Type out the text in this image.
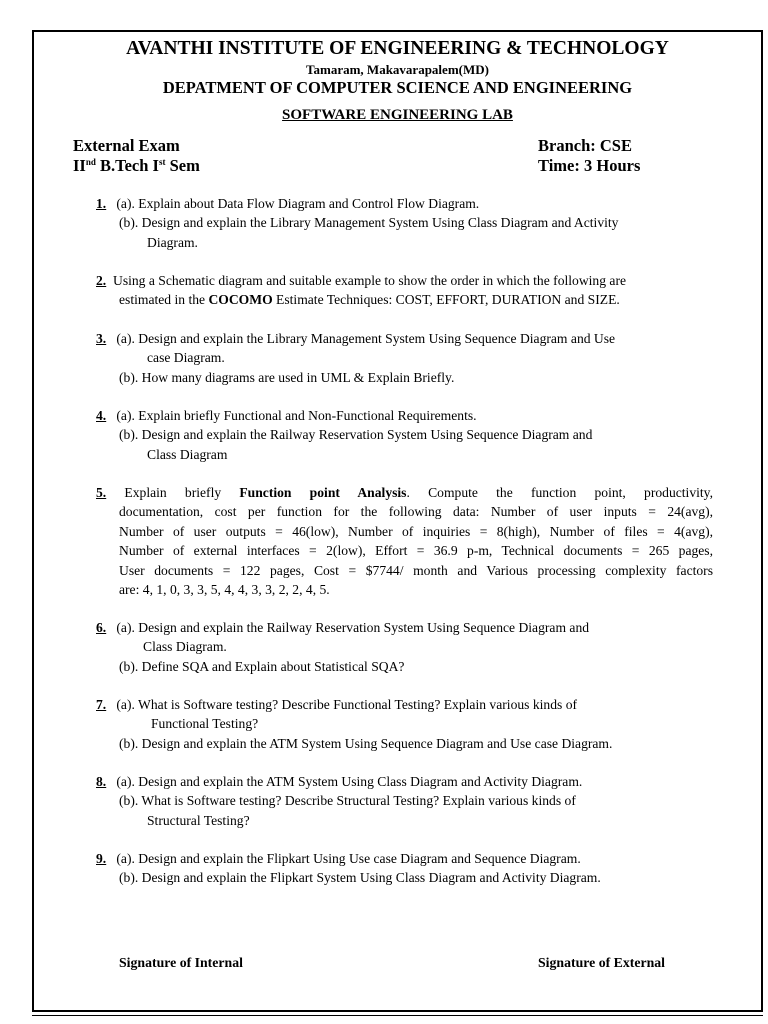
AVANTHI INSTITUTE OF ENGINEERING & TECHNOLOGY
Tamaram, Makavarapalem(MD)
DEPATMENT OF COMPUTER SCIENCE AND ENGINEERING
SOFTWARE ENGINEERING LAB
External Exam
IInd B.Tech Ist Sem
Branch: CSE
Time: 3 Hours
1. (a). Explain about Data Flow Diagram and Control Flow Diagram.
(b). Design and explain the Library Management System Using Class Diagram and Activity
Diagram.
2. Using a Schematic diagram and suitable example to show the order in which the following are
estimated in the COCOMO Estimate Techniques: COST, EFFORT, DURATION and SIZE.
3. (a). Design and explain the Library Management System Using Sequence Diagram and Use
case Diagram.
(b). How many diagrams are used in UML & Explain Briefly.
4. (a). Explain briefly Functional and Non-Functional Requirements.
(b). Design and explain the Railway Reservation System Using Sequence Diagram and
Class Diagram
5. Explain briefly Function point Analysis. Compute the function point, productivity,
documentation, cost per function for the following data: Number of user inputs = 24(avg),
Number of user outputs = 46(low), Number of inquiries = 8(high), Number of files = 4(avg),
Number of external interfaces = 2(low), Effort = 36.9 p-m, Technical documents = 265 pages,
User documents = 122 pages, Cost = $7744/ month and Various processing complexity factors
are: 4, 1, 0, 3, 3, 5, 4, 4, 3, 3, 2, 2, 4, 5.
6. (a). Design and explain the Railway Reservation System Using Sequence Diagram and
Class Diagram.
(b). Define SQA and Explain about Statistical SQA?
7. (a). What is Software testing? Describe Functional Testing? Explain various kinds of
Functional Testing?
(b). Design and explain the ATM System Using Sequence Diagram and Use case Diagram.
8. (a). Design and explain the ATM System Using Class Diagram and Activity Diagram.
(b). What is Software testing? Describe Structural Testing? Explain various kinds of
Structural Testing?
9. (a). Design and explain the Flipkart Using Use case Diagram and Sequence Diagram.
(b). Design and explain the Flipkart System Using Class Diagram and Activity Diagram.
Signature of Internal	Signature of External
